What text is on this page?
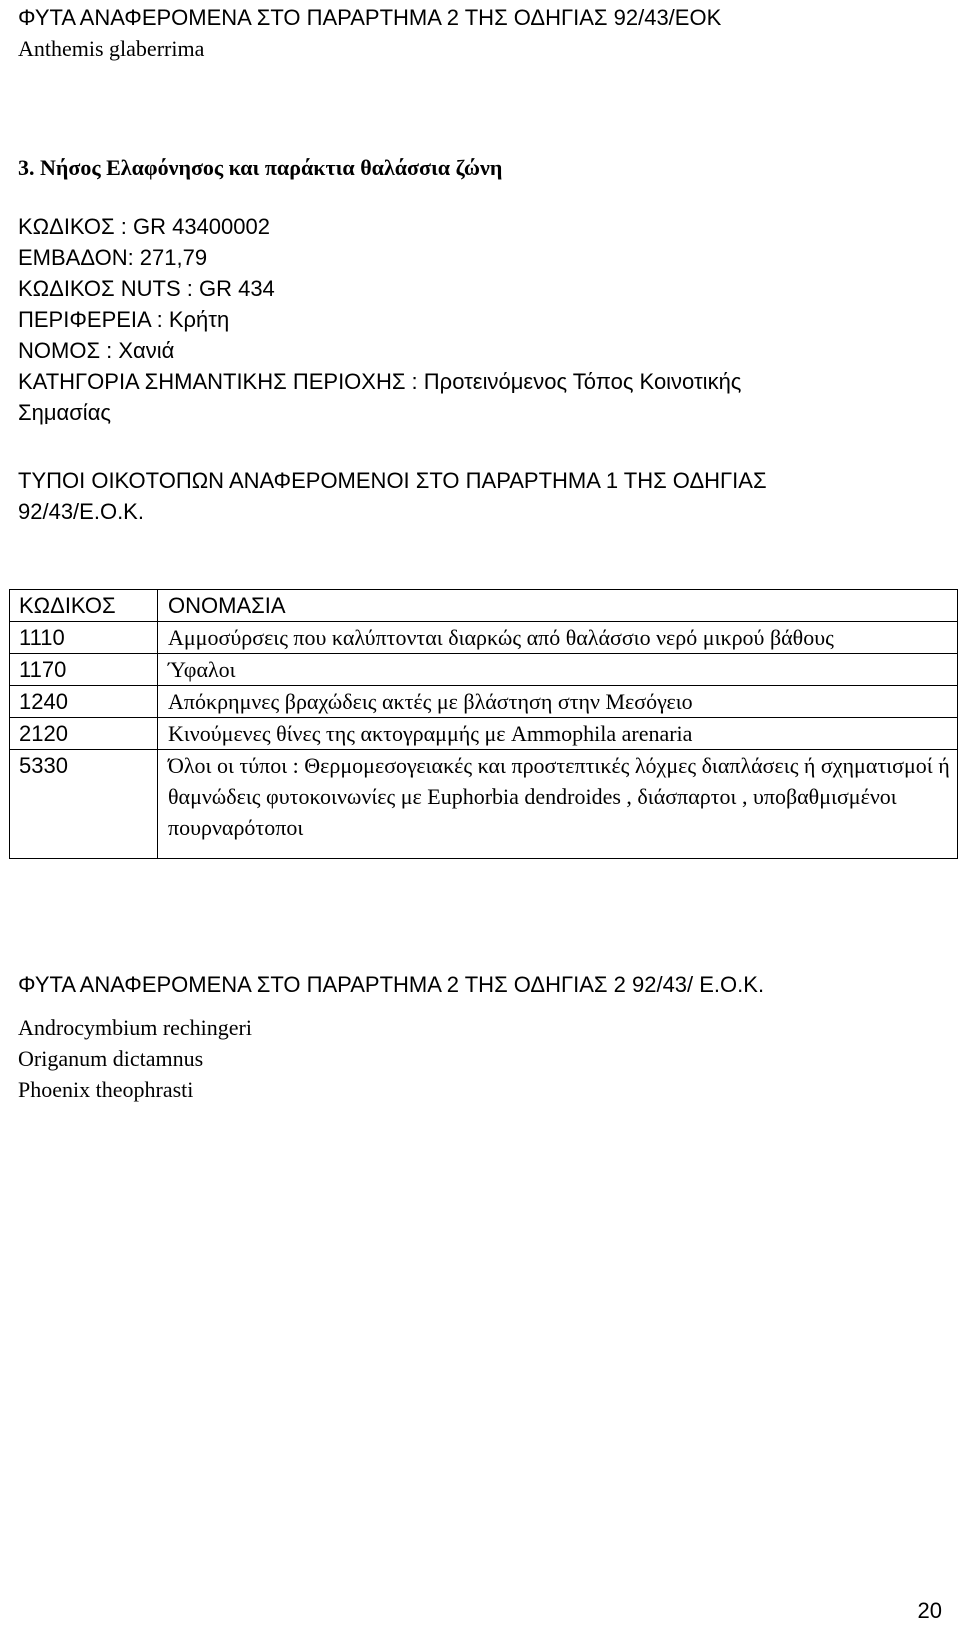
ΦΥΤΑ ΑΝΑΦΕΡΟΜΕΝΑ ΣΤΟ ΠΑΡΑΡΤΗΜΑ 2 ΤΗΣ ΟΔΗΓΙΑΣ 92/43/ΕΟΚ
Anthemis glaberrima
3. Νήσος Ελαφόνησος και παράκτια θαλάσσια ζώνη
ΚΩΔΙΚΟΣ : GR 43400002
ΕΜΒΑΔΟΝ: 271,79
ΚΩΔΙΚΟΣ NUTS : GR 434
ΠΕΡΙΦΕΡΕΙΑ : Κρήτη
ΝΟΜΟΣ : Χανιά
ΚΑΤΗΓΟΡΙΑ ΣΗΜΑΝΤΙΚΗΣ ΠΕΡΙΟΧΗΣ : Προτεινόμενος Τόπος Κοινοτικής
Σημασίας
ΤΥΠΟΙ ΟΙΚΟΤΟΠΩΝ ΑΝΑΦΕΡΟΜΕΝΟΙ ΣΤΟ ΠΑΡΑΡΤΗΜΑ 1 ΤΗΣ ΟΔΗΓΙΑΣ
92/43/Ε.Ο.Κ.
ΚΩΔΙΚΟΣ	ΟΝΟΜΑΣΙΑ
1110	Αμμοσύρσεις που καλύπτονται διαρκώς από θαλάσσιο νερό μικρού βάθους
1170	Ύφαλοι
1240	Απόκρημνες βραχώδεις ακτές με βλάστηση στην Μεσόγειο
2120	Κινούμενες θίνες της ακτογραμμής με Ammophila arenaria
5330	Όλοι οι τύποι : Θερμομεσογειακές και προστεπτικές λόχμες διαπλάσεις ή σχηματισμοί ή θαμνώδεις φυτοκοινωνίες με Euphorbia dendroides , διάσπαρτοι , υποβαθμισμένοι πουρναρότοποι
ΦΥΤΑ ΑΝΑΦΕΡΟΜΕΝΑ ΣΤΟ ΠΑΡΑΡΤΗΜΑ 2 ΤΗΣ ΟΔΗΓΙΑΣ 2 92/43/ Ε.Ο.Κ.
Androcymbium rechingeri
Origanum dictamnus
Phoenix theophrasti
20
